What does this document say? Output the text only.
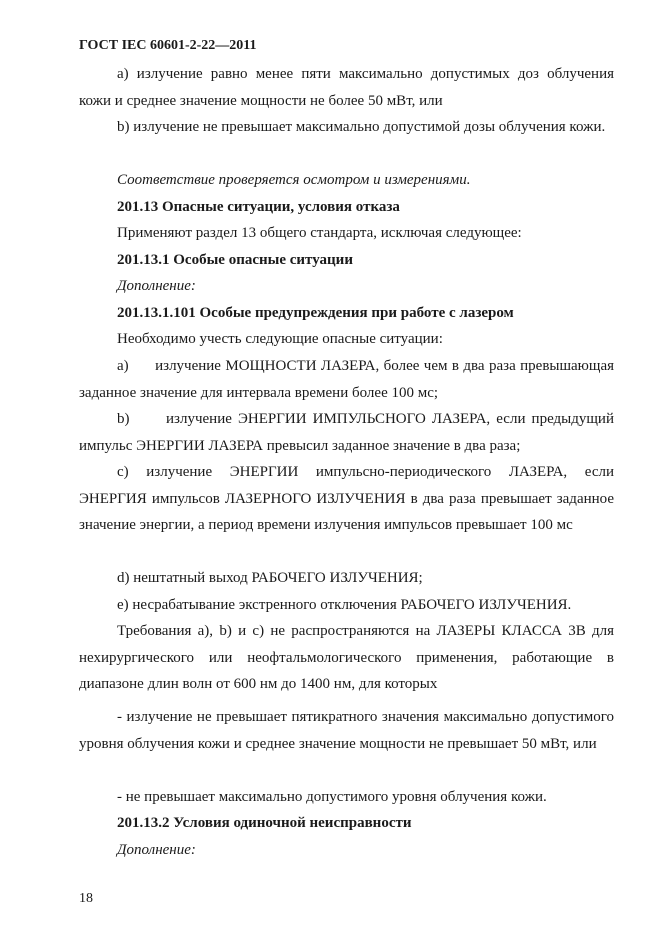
ГОСТ IEC 60601-2-22—2011

а) излучение равно менее пяти максимально допустимых доз облучения кожи и среднее значение мощности не более 50 мВт, или

b) излучение не превышает максимально допустимой дозы облучения кожи.

Соответствие проверяется осмотром и измерениями.

201.13 Опасные ситуации, условия отказа

Применяют раздел 13 общего стандарта, исключая следующее:

201.13.1 Особые опасные ситуации

Дополнение:

201.13.1.101 Особые предупреждения при работе с лазером

Необходимо учесть следующие опасные ситуации:

а)      излучение МОЩНОСТИ ЛАЗЕРА, более чем в два раза превышающая заданное значение для интервала времени более 100 мс;

b)      излучение ЭНЕРГИИ ИМПУЛЬСНОГО ЛАЗЕРА, если предыдущий импульс ЭНЕРГИИ ЛАЗЕРА превысил заданное значение в два раза;

с) излучение ЭНЕРГИИ импульсно-периодического ЛАЗЕРА, если ЭНЕРГИЯ импульсов ЛАЗЕРНОГО ИЗЛУЧЕНИЯ в два раза превышает заданное значение энергии, а период времени излучения импульсов превышает 100 мс

d) нештатный выход РАБОЧЕГО ИЗЛУЧЕНИЯ;

е) несрабатывание экстренного отключения РАБОЧЕГО ИЗЛУЧЕНИЯ.

Требования а), b) и с) не распространяются на ЛАЗЕРЫ КЛАССА 3В для нехирургического или неофтальмологического применения, работающие в диапазоне длин волн от 600 нм до 1400 нм, для которых

- излучение не превышает пятикратного значения максимально допустимого уровня облучения кожи и среднее значение мощности не превышает 50 мВт, или

- не превышает максимально допустимого уровня облучения кожи.

201.13.2 Условия одиночной неисправности

Дополнение:

18
